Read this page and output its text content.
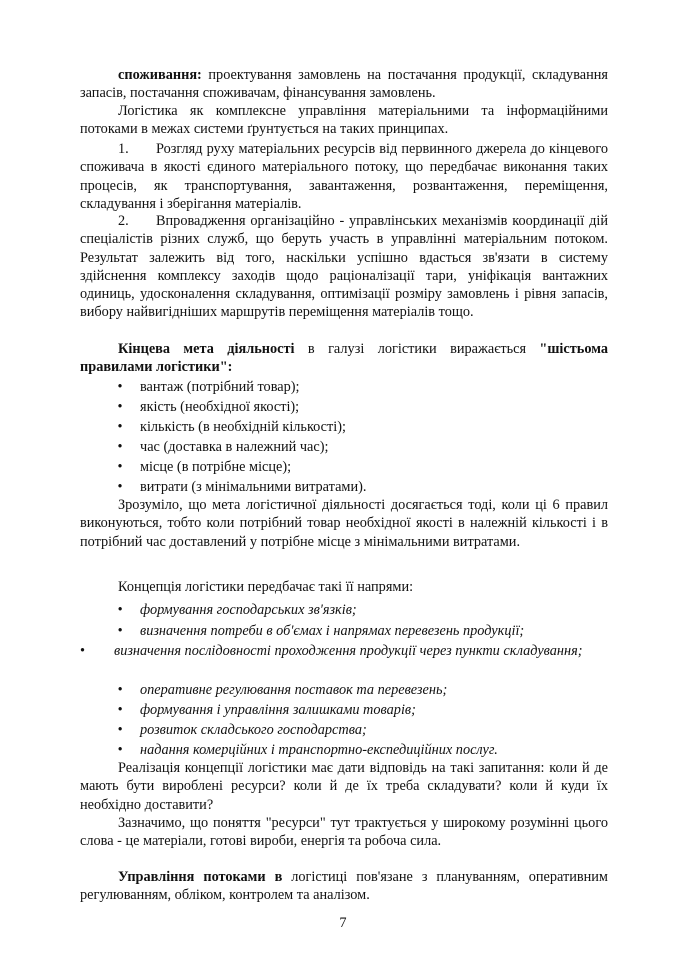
споживання: проектування замовлень на постачання продукції, складування запасів, постачання споживачам, фінансування замовлень.

Логістика як комплексне управління матеріальними та інформаційними потоками в межах системи ґрунтується на таких принципах.

1. Розгляд руху матеріальних ресурсів від первинного джерела до кінцевого споживача в якості єдиного матеріального потоку, що передбачає виконання таких процесів, як транспортування, завантаження, розвантаження, переміщення, складування і зберігання матеріалів.

2. Впровадження організаційно - управлінських механізмів координації дій спеціалістів різних служб, що беруть участь в управлінні матеріальним потоком. Результат залежить від того, наскільки успішно вдасться зв'язати в систему здійснення комплексу заходів щодо раціоналізації тари, уніфікація вантажних одиниць, удосконалення складування, оптимізації розміру замовлень і рівня запасів, вибору найвигідніших маршрутів переміщення матеріалів тощо.

Кінцева мета діяльності в галузі логістики виражається "шістьома правилами логістики":

• вантаж (потрібний товар);
• якість (необхідної якості);
• кількість (в необхідній кількості);
• час (доставка в належний час);
• місце (в потрібне місце);
• витрати (з мінімальними витратами).

Зрозуміло, що мета логістичної діяльності досягається тоді, коли ці 6 правил виконуються, тобто коли потрібний товар необхідної якості в належній кількості і в потрібний час доставлений у потрібне місце з мінімальними витратами.

Концепція логістики передбачає такі її напрями:

• формування господарських зв'язків;
• визначення потреби в об'ємах і напрямах перевезень продукції;

• визначення послідовності проходження продукції через пункти складування;

• оперативне регулювання поставок та перевезень;
• формування і управління залишками товарів;
• розвиток складського господарства;
• надання комерційних і транспортно-експедиційних послуг.

Реалізація концепції логістики має дати відповідь на такі запитання: коли й де мають бути вироблені ресурси? коли й де їх треба складувати? коли й куди їх необхідно доставити?

Зазначимо, що поняття "ресурси" тут трактується у широкому розумінні цього слова - це матеріали, готові вироби, енергія та робоча сила.

Управління потоками в логістиці пов'язане з плануванням, оперативним регулюванням, обліком, контролем та аналізом.

7
